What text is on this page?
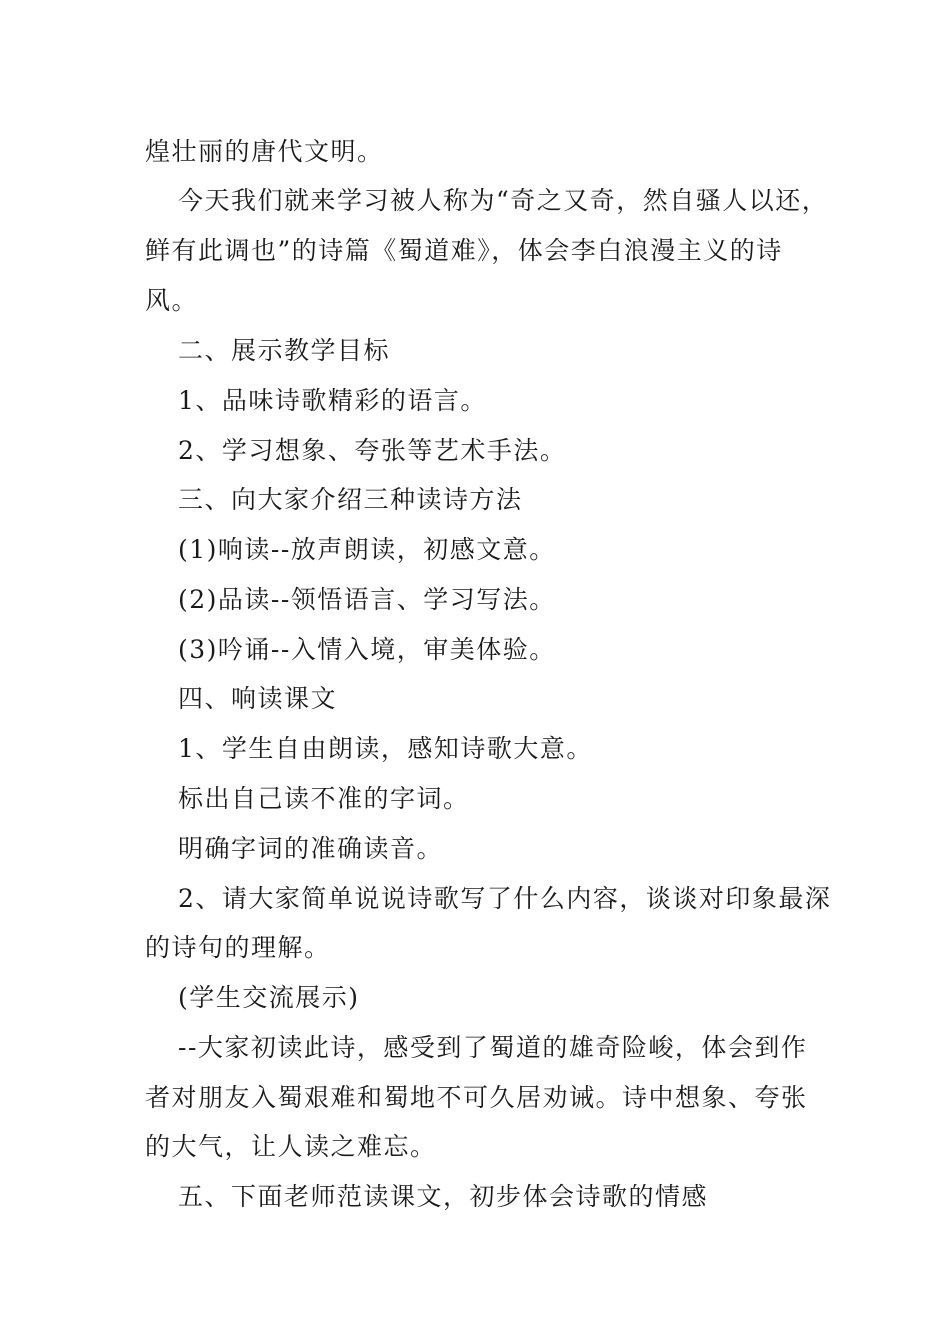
煌壮丽的唐代文明。
今天我们就来学习被人称为“奇之又奇，然自骚人以还，
鲜有此调也”的诗篇《蜀道难》，体会李白浪漫主义的诗
风。
二、展示教学目标
1、品味诗歌精彩的语言。
2、学习想象、夸张等艺术手法。
三、向大家介绍三种读诗方法
(1)响读--放声朗读，初感文意。
(2)品读--领悟语言、学习写法。
(3)吟诵--入情入境，审美体验。
四、响读课文
1、学生自由朗读，感知诗歌大意。
标出自己读不准的字词。
明确字词的准确读音。
2、请大家简单说说诗歌写了什么内容，谈谈对印象最深
的诗句的理解。
(学生交流展示)
--大家初读此诗，感受到了蜀道的雄奇险峻，体会到作
者对朋友入蜀艰难和蜀地不可久居劝诫。诗中想象、夸张
的大气，让人读之难忘。
五、下面老师范读课文，初步体会诗歌的情感
